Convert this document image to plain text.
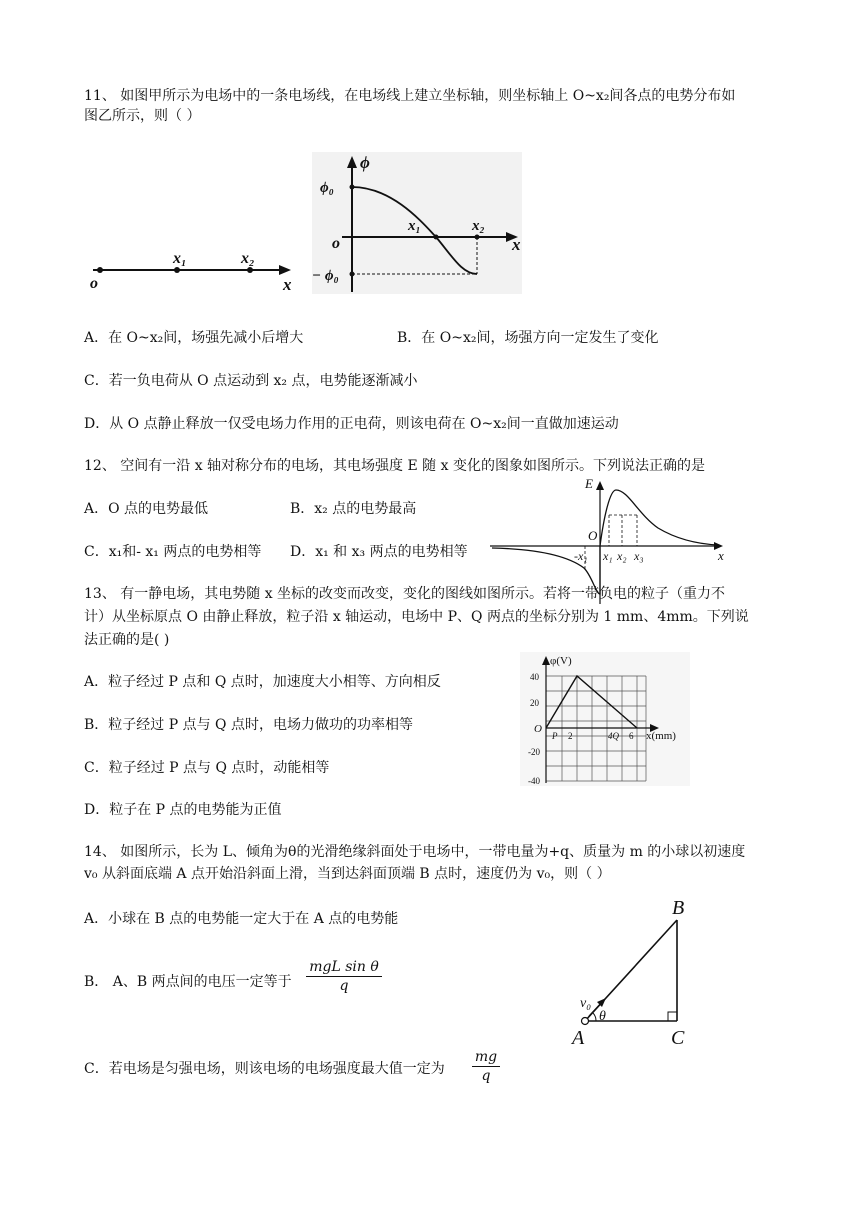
11、 如图甲所示为电场中的一条电场线，在电场线上建立坐标轴，则坐标轴上 O~x₂间各点的电势分布如
图乙所示，则（ ）
o
x₁	x₂
x
ϕ
ϕ₀
o
x₁	x₂
x
− ϕ₀
A．在 O~x₂间，场强先减小后增大	B．在 O~x₂间，场强方向一定发生了变化
C．若一负电荷从 O 点运动到 x₂ 点，电势能逐渐减小
D．从 O 点静止释放一仅受电场力作用的正电荷，则该电荷在 O~x₂间一直做加速运动
12、 空间有一沿 x 轴对称分布的电场，其电场强度 E 随 x 变化的图象如图所示。下列说法正确的是
A．O 点的电势最低	B．x₂ 点的电势最高
C．x₁和- x₁ 两点的电势相等 D．x₁ 和 x₃ 两点的电势相等
E
O
-x₁ x₁ x₂ x₃	x
13、 有一静电场，其电势随 x 坐标的改变而改变，变化的图线如图所示。若将一带负电的粒子（重力不
计）从坐标原点 O 由静止释放，粒子沿 x 轴运动，电场中 P、Q 两点的坐标分别为 1 mm、4mm。下列说
法正确的是( )
A．粒子经过 P 点和 Q 点时，加速度大小相等、方向相反
B．粒子经过 P 点与 Q 点时，电场力做功的功率相等
C．粒子经过 P 点与 Q 点时，动能相等
D．粒子在 P 点的电势能为正值
φ(V)
40
20
O
-20
-40
P 2	4Q 6 x(mm)
14、 如图所示，长为 L、倾角为θ的光滑绝缘斜面处于电场中，一带电量为+q、质量为 m 的小球以初速度
v₀ 从斜面底端 A 点开始沿斜面上滑，当到达斜面顶端 B 点时，速度仍为 v₀，则（ ）
A．小球在 B 点的电势能一定大于在 A 点的电势能
B． A、B 两点间的电压一定等于
mgL sin θ
q
C．若电场是匀强电场，则该电场的电场强度最大值一定为 $\frac{mg}{q}$
B
v₀
θ
A	C
